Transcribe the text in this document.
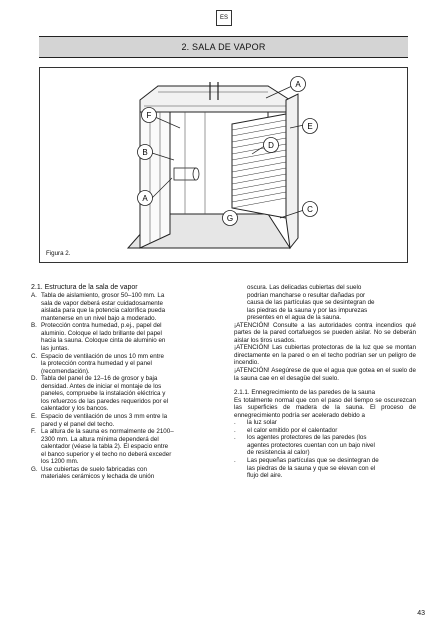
ES
2. SALA DE VAPOR
A
F
B
A
D
E
C
G
Figura 2.

2.1. Estructura de la sala de vapor

A. Tabla de aislamiento, grosor 50–100 mm. La
sala de vapor deberá estar cuidadosamente
aislada para que la potencia calorífica pueda
mantenerse en un nivel bajo a moderado.
B. Protección contra humedad, p.ej., papel del
aluminio. Coloque el lado brillante del papel
hacia la sauna. Coloque cinta de aluminio en
las juntas.
C. Espacio de ventilación de unos 10 mm entre
la protección contra humedad y el panel
(recomendación).
D. Tabla del panel de 12–16 de grosor y baja
densidad. Antes de iniciar el montaje de los
paneles, compruebe la instalación eléctrica y
los refuerzos de las paredes requeridos por el
calentador y los bancos.
E. Espacio de ventilación de unos 3 mm entre la
pared y el panel del techo.
F. La altura de la sauna es normalmente de 2100–
2300 mm. La altura mínima dependerá del
calentador (véase la tabla 2). El espacio entre
el banco superior y el techo no deberá exceder
los 1200 mm.
G. Use cubiertas de suelo fabricadas con
materiales cerámicos y lechada de unión
oscura. Las delicadas cubiertas del suelo
podrían mancharse o resultar dañadas por
causa de las partículas que se desintegran de
las piedras de la sauna y por las impurezas
presentes en el agua de la sauna.

¡ATENCIÓN! Consulte a las autoridades contra incendios qué partes de la pared cortafuegos se pueden aislar. No se deberán aislar los tiros usados.

¡ATENCIÓN! Las cubiertas protectoras de la luz que se montan directamente en la pared o en el techo podrían ser un peligro de incendio.

¡ATENCIÓN! Asegúrese de que el agua que gotea en el suelo de la sauna cae en el desagüe del suelo.

2.1.1. Ennegrecimiento de las paredes de la sauna

Es totalmente normal que con el paso del tiempo se oscurezcan las superficies de madera de la sauna. El proceso de ennegrecimiento podría ser acelerado debido a

.	la luz solar
.	el calor emitido por el calentador
.	los agentes protectores de las paredes (los
agentes protectores cuentan con un bajo nivel
de resistencia al calor)
.	Las pequeñas partículas que se desintegran de
las piedras de la sauna y que se elevan con el
flujo del aire.
43
